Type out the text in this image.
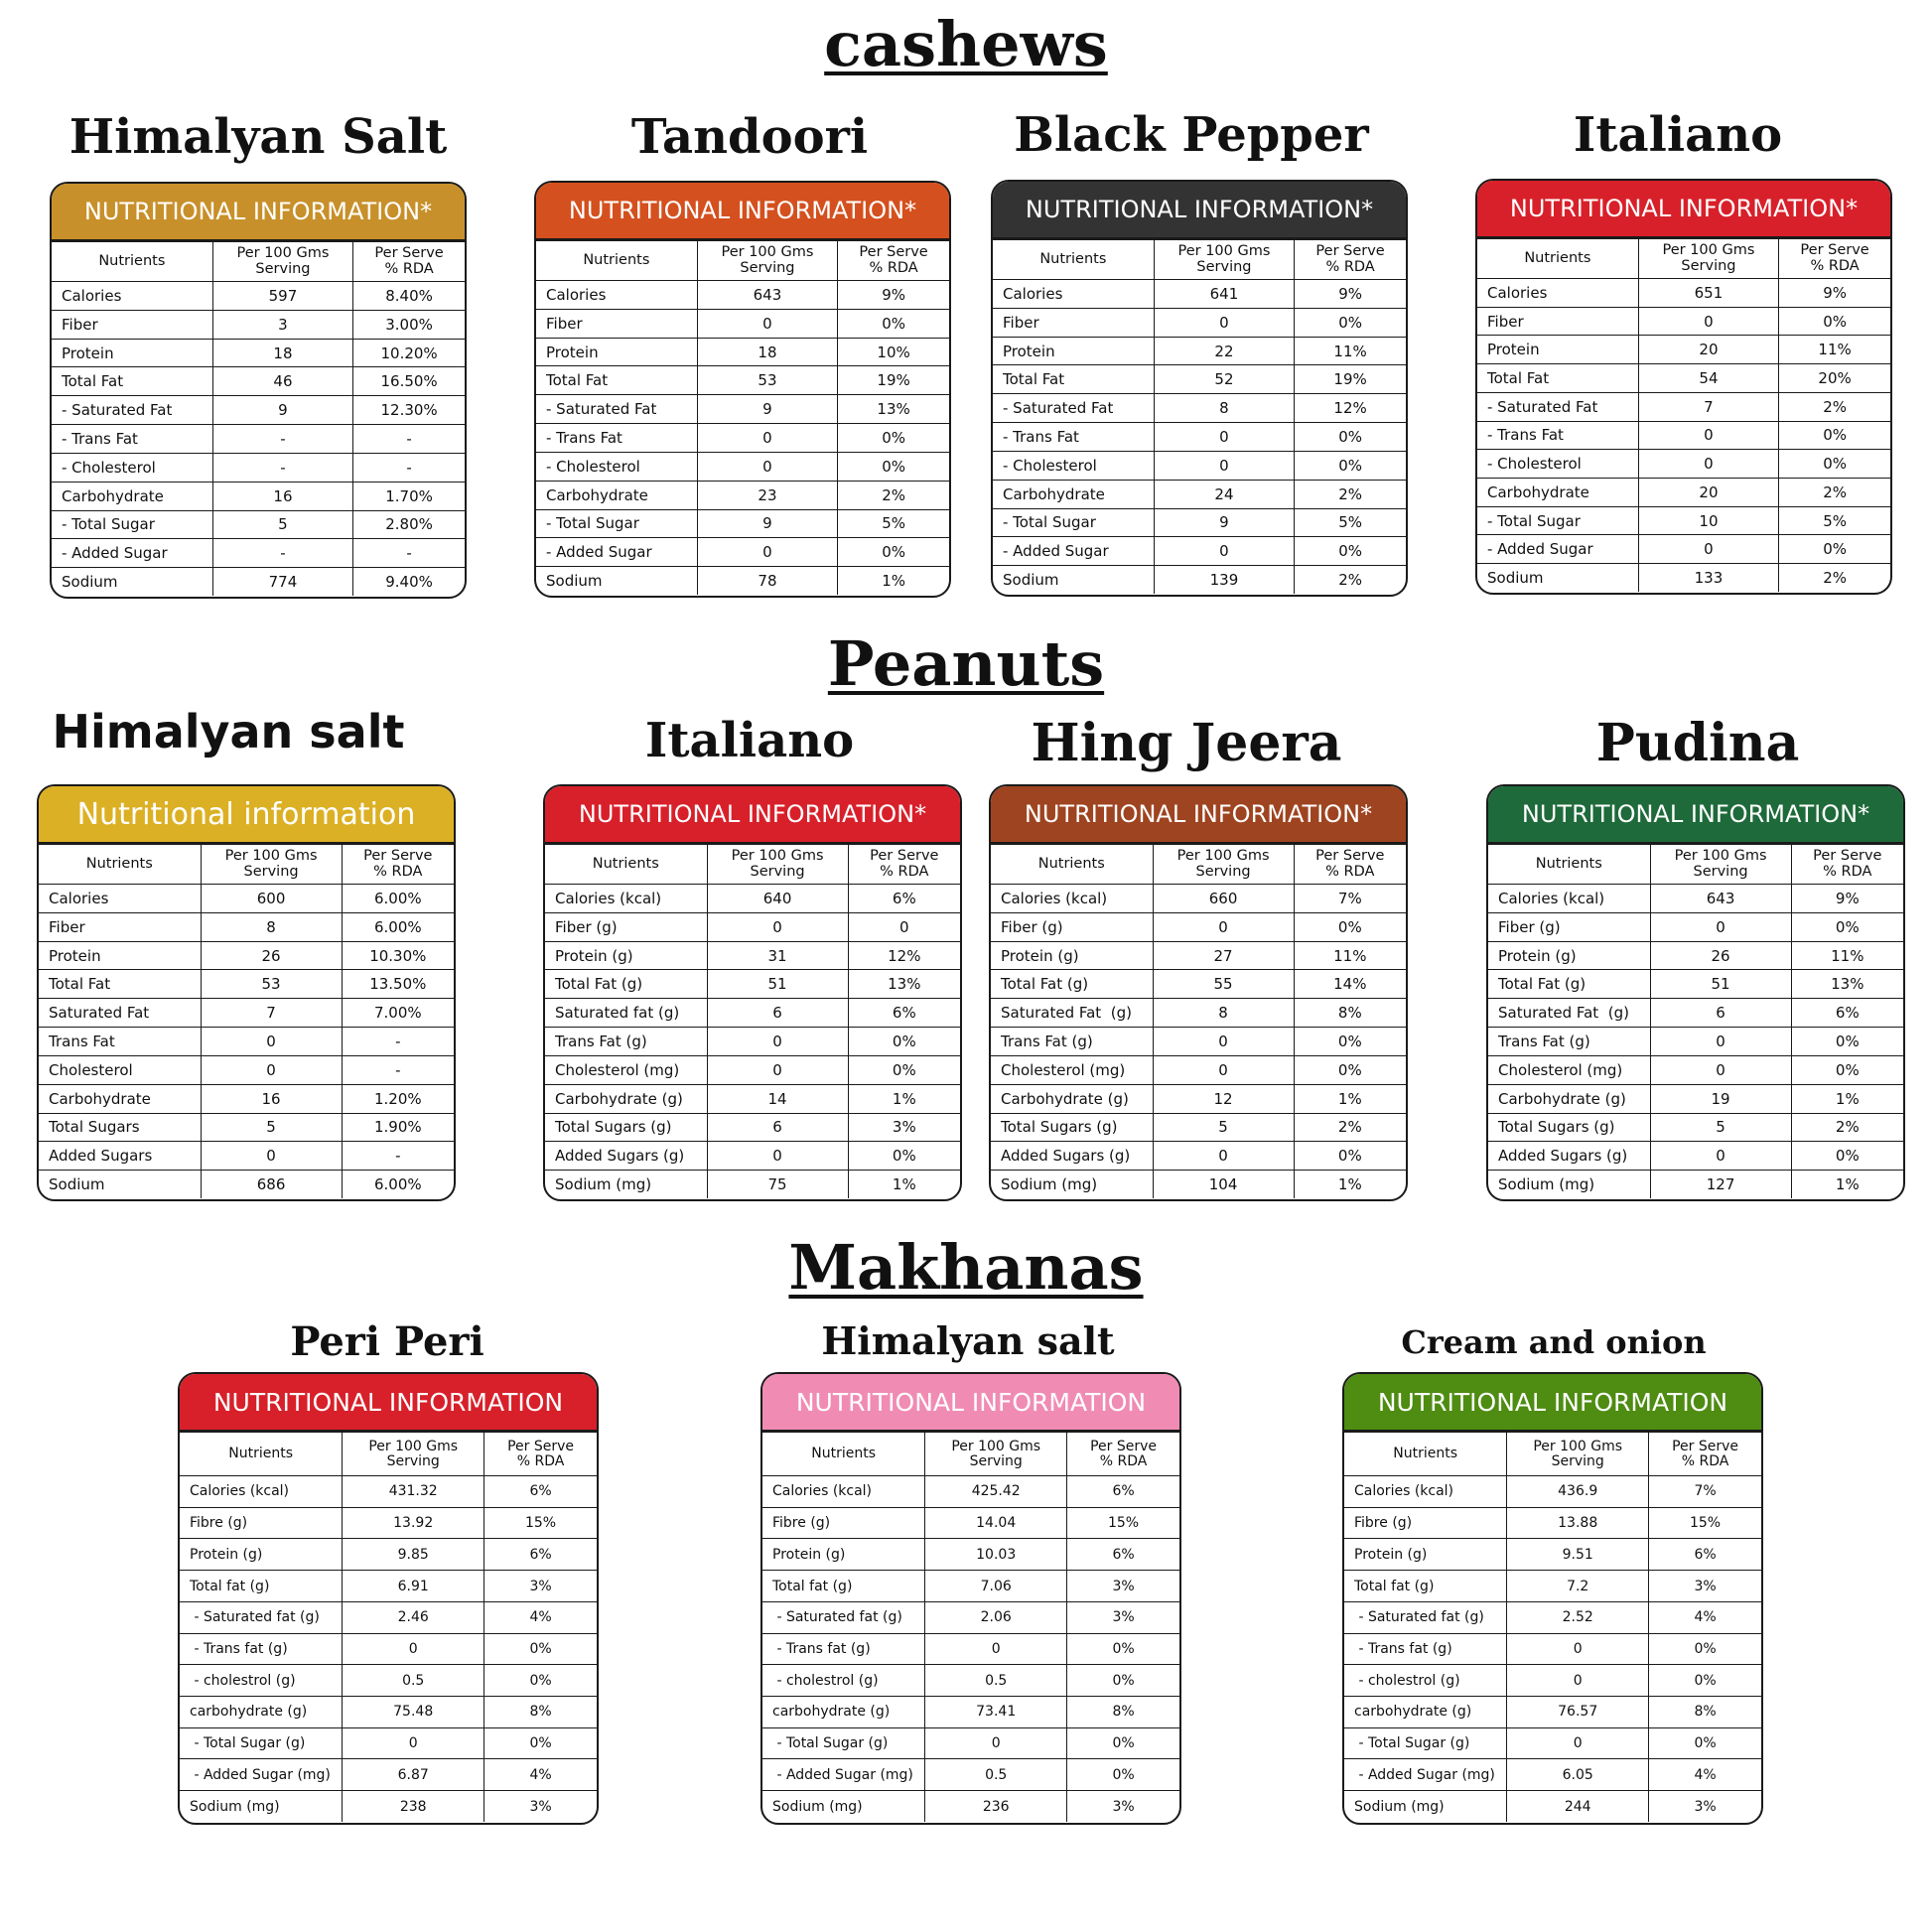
cashews
Peanuts
Makhanas
Himalyan Salt	Tandoori	Black Pepper	Italiano
Himalyan salt	Italiano	Hing Jeera	Pudina
Peri Peri	Himalyan salt	Cream and onion
NUTRITIONAL INFORMATION*
Nutrients	Per 100 Gms Serving	Per Serve % RDA
Calories	597	8.40%
Fiber	3	3.00%
Protein	18	10.20%
Total Fat	46	16.50%
- Saturated Fat	9	12.30%
- Trans Fat	-	-
- Cholesterol	-	-
Carbohydrate	16	1.70%
- Total Sugar	5	2.80%
- Added Sugar	-	-
Sodium	774	9.40%
NUTRITIONAL INFORMATION*
Nutrients	Per 100 Gms Serving	Per Serve % RDA
Calories	643	9%
Fiber	0	0%
Protein	18	10%
Total Fat	53	19%
- Saturated Fat	9	13%
- Trans Fat	0	0%
- Cholesterol	0	0%
Carbohydrate	23	2%
- Total Sugar	9	5%
- Added Sugar	0	0%
Sodium	78	1%
NUTRITIONAL INFORMATION*
Nutrients	Per 100 Gms Serving	Per Serve % RDA
Calories	641	9%
Fiber	0	0%
Protein	22	11%
Total Fat	52	19%
- Saturated Fat	8	12%
- Trans Fat	0	0%
- Cholesterol	0	0%
Carbohydrate	24	2%
- Total Sugar	9	5%
- Added Sugar	0	0%
Sodium	139	2%
NUTRITIONAL INFORMATION*
Nutrients	Per 100 Gms Serving	Per Serve % RDA
Calories	651	9%
Fiber	0	0%
Protein	20	11%
Total Fat	54	20%
- Saturated Fat	7	2%
- Trans Fat	0	0%
- Cholesterol	0	0%
Carbohydrate	20	2%
- Total Sugar	10	5%
- Added Sugar	0	0%
Sodium	133	2%
Nutritional information
Nutrients	Per 100 Gms Serving	Per Serve % RDA
Calories	600	6.00%
Fiber	8	6.00%
Protein	26	10.30%
Total Fat	53	13.50%
Saturated Fat	7	7.00%
Trans Fat	0	-
Cholesterol	0	-
Carbohydrate	16	1.20%
Total Sugars	5	1.90%
Added Sugars	0	-
Sodium	686	6.00%
NUTRITIONAL INFORMATION*
Nutrients	Per 100 Gms Serving	Per Serve % RDA
Calories (kcal)	640	6%
Fiber (g)	0	0
Protein (g)	31	12%
Total Fat (g)	51	13%
Saturated fat (g)	6	6%
Trans Fat (g)	0	0%
Cholesterol (mg)	0	0%
Carbohydrate (g)	14	1%
Total Sugars (g)	6	3%
Added Sugars (g)	0	0%
Sodium (mg)	75	1%
NUTRITIONAL INFORMATION*
Nutrients	Per 100 Gms Serving	Per Serve % RDA
Calories (kcal)	660	7%
Fiber (g)	0	0%
Protein (g)	27	11%
Total Fat (g)	55	14%
Saturated Fat  (g)	8	8%
Trans Fat (g)	0	0%
Cholesterol (mg)	0	0%
Carbohydrate (g)	12	1%
Total Sugars (g)	5	2%
Added Sugars (g)	0	0%
Sodium (mg)	104	1%
NUTRITIONAL INFORMATION*
Nutrients	Per 100 Gms Serving	Per Serve % RDA
Calories (kcal)	643	9%
Fiber (g)	0	0%
Protein (g)	26	11%
Total Fat (g)	51	13%
Saturated Fat  (g)	6	6%
Trans Fat (g)	0	0%
Cholesterol (mg)	0	0%
Carbohydrate (g)	19	1%
Total Sugars (g)	5	2%
Added Sugars (g)	0	0%
Sodium (mg)	127	1%
NUTRITIONAL INFORMATION
Nutrients	Per 100 Gms Serving	Per Serve % RDA
Calories (kcal)	431.32	6%
Fibre (g)	13.92	15%
Protein (g)	9.85	6%
Total fat (g)	6.91	3%
- Saturated fat (g)	2.46	4%
- Trans fat (g)	0	0%
- cholestrol (g)	0.5	0%
carbohydrate (g)	75.48	8%
- Total Sugar (g)	0	0%
- Added Sugar (mg)	6.87	4%
Sodium (mg)	238	3%
NUTRITIONAL INFORMATION
Nutrients	Per 100 Gms Serving	Per Serve % RDA
Calories (kcal)	425.42	6%
Fibre (g)	14.04	15%
Protein (g)	10.03	6%
Total fat (g)	7.06	3%
- Saturated fat (g)	2.06	3%
- Trans fat (g)	0	0%
- cholestrol (g)	0.5	0%
carbohydrate (g)	73.41	8%
- Total Sugar (g)	0	0%
- Added Sugar (mg)	0.5	0%
Sodium (mg)	236	3%
NUTRITIONAL INFORMATION
Nutrients	Per 100 Gms Serving	Per Serve % RDA
Calories (kcal)	436.9	7%
Fibre (g)	13.88	15%
Protein (g)	9.51	6%
Total fat (g)	7.2	3%
- Saturated fat (g)	2.52	4%
- Trans fat (g)	0	0%
- cholestrol (g)	0	0%
carbohydrate (g)	76.57	8%
- Total Sugar (g)	0	0%
- Added Sugar (mg)	6.05	4%
Sodium (mg)	244	3%
